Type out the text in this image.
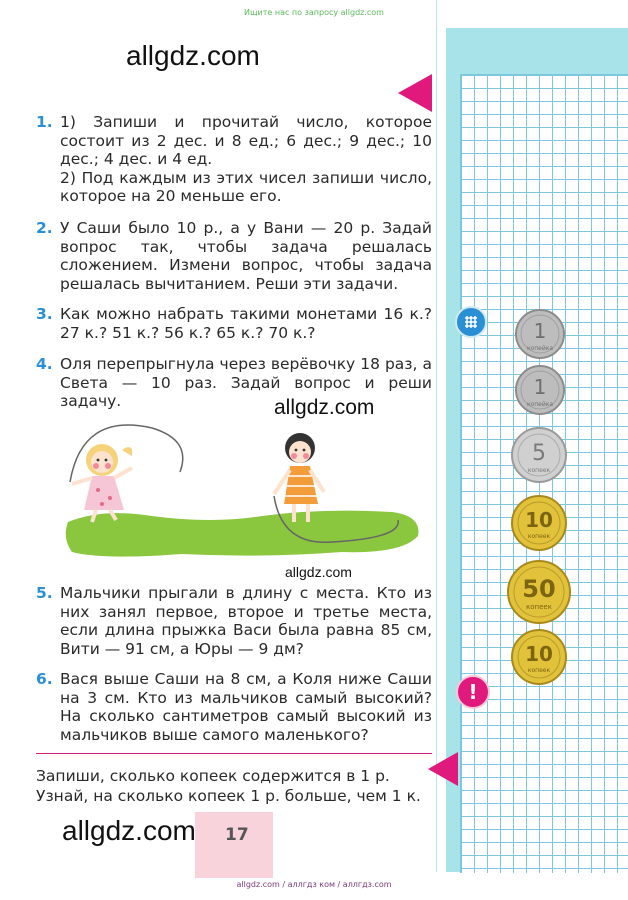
Ищите нас по запросу allgdz.com
allgdz.com
1. 1) Запиши и прочитай число, которое состоит из 2 дес. и 8 ед.; 6 дес.; 9 дес.; 10 дес.; 4 дес. и 4 ед.
2) Под каждым из этих чисел запиши число, которое на 20 меньше его.
2. У Саши было 10 р., а у Вани — 20 р. Задай вопрос так, чтобы задача решалась сложением. Измени вопрос, чтобы задача решалась вычитанием. Реши эти задачи.
3. Как можно набрать такими монетами 16 к.? 27 к.? 51 к.? 56 к.? 65 к.? 70 к.?
4. Оля перепрыгнула через верёвочку 18 раз, а Света — 10 раз. Задай вопрос и реши задачу.	allgdz.com
allgdz.com
5. Мальчики прыгали в длину с места. Кто из них занял первое, второе и третье места, если длина прыжка Васи была равна 85 см, Вити — 91 см, а Юры — 9 дм?
6. Вася выше Саши на 8 см, а Коля ниже Саши на 3 см. Кто из мальчиков самый высокий? На сколько сантиметров самый высокий из мальчиков выше самого маленького?
Запиши, сколько копеек содержится в 1 р.
Узнай, на сколько копеек 1 р. больше, чем 1 к.
?
!
1
копейка
1
копейка
5
копеек
10
копеек
50
копеек
10
копеек
17
allgdz.com
allgdz.com / аллгдз ком / аллгдз.com
